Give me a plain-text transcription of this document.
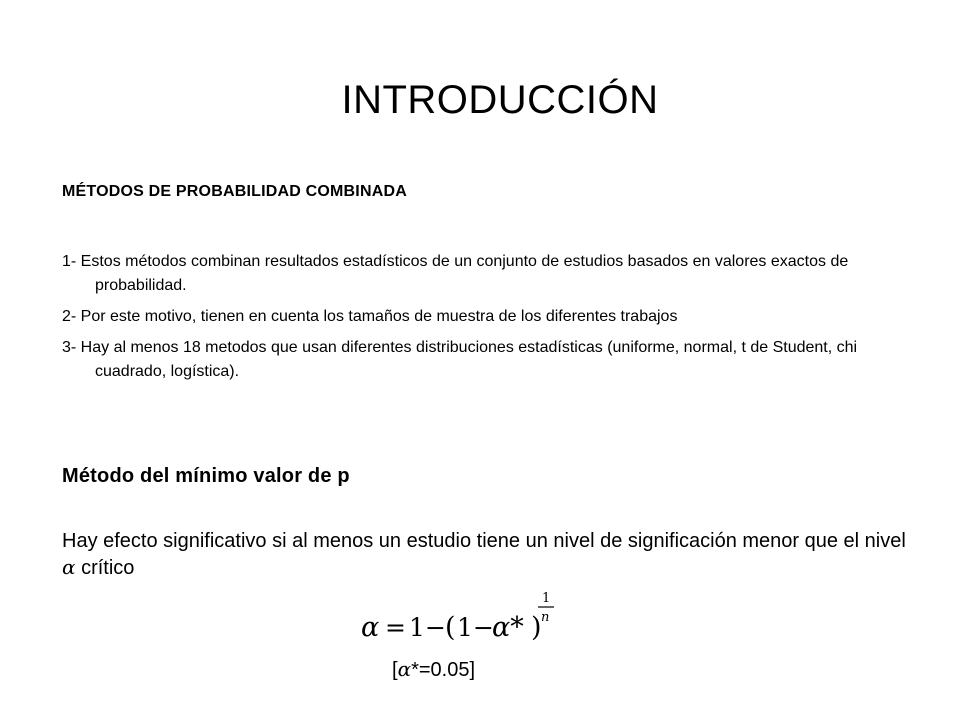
INTRODUCCIÓN
MÉTODOS DE PROBABILIDAD COMBINADA
1- Estos métodos combinan resultados estadísticos de un conjunto de estudios basados en valores exactos de probabilidad.
2- Por este motivo, tienen en cuenta los tamaños de muestra de los diferentes trabajos
3- Hay al menos 18 metodos que usan diferentes distribuciones estadísticas (uniforme, normal, t de Student, chi cuadrado, logística).
Método del mínimo valor de p
Hay efecto significativo si al menos un estudio tiene un nivel de significación menor que el nivel α crítico
α = 1 − ( 1 −
α* )
1
n
[α*=0.05]
